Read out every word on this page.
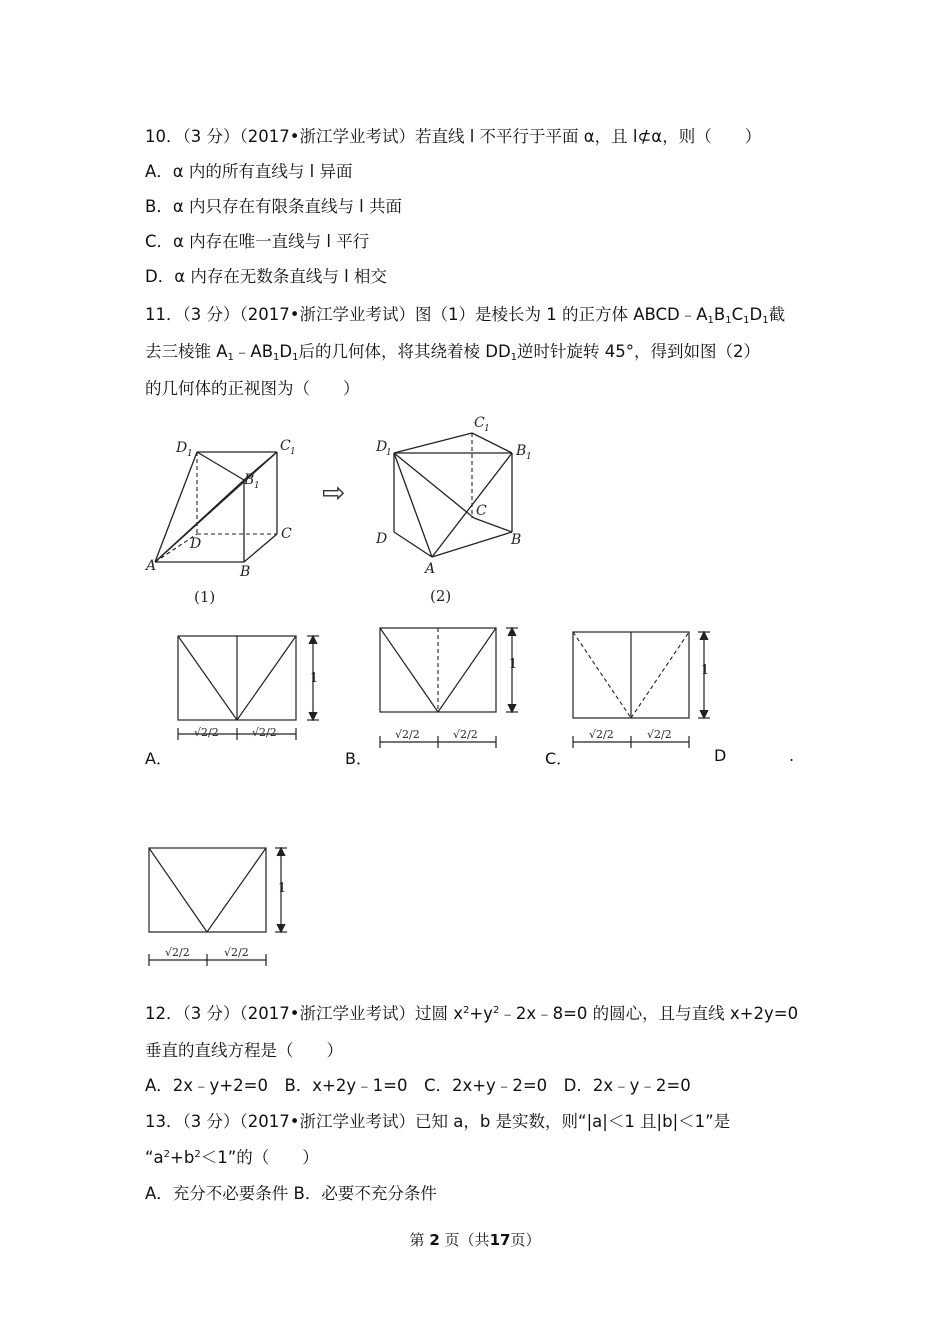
10．（3 分）（2017•浙江学业考试）若直线 l 不平行于平面 α，且 l⊄α，则（　　）
A．α 内的所有直线与 l 异面
B．α 内只存在有限条直线与 l 共面
C．α 内存在唯一直线与 l 平行
D．α 内存在无数条直线与 l 相交
11．（3 分）（2017•浙江学业考试）图（1）是棱长为 1 的正方体 $ABCD﹣A_1B_1C_1D_1$截
去三棱锥 $A_1﹣AB_1D_1$后的几何体，将其绕着棱 $DD_1$逆时针旋转 45°，得到如图（2）
的几何体的正视图为（　　）
D 1	C 1
B 1
C
D
A	B
(1)
⇨
C 1
D
1	B 1
C
D	B
A
(2)
A．	B．	C．	D	.
1
√2/2	√2/2
1
√2/2	√2/2
1
√2/2	√2/2
1
√2/2	√2/2
12．（3 分）（2017•浙江学业考试）过圆 $x^2+y^2﹣2x﹣8=0$ 的圆心，且与直线 x+2y=0
垂直的直线方程是（　　）
A．2x﹣y+2=0　B．x+2y﹣1=0　C．2x+y﹣2=0　D．2x﹣y﹣2=0
13．（3 分）（2017•浙江学业考试）已知 a，b 是实数，则“|a|＜1 且|b|＜1”是
“$a^2+b^2<1$”的（　　）
A．充分不必要条件 B．必要不充分条件
第 2 页（共17页）
